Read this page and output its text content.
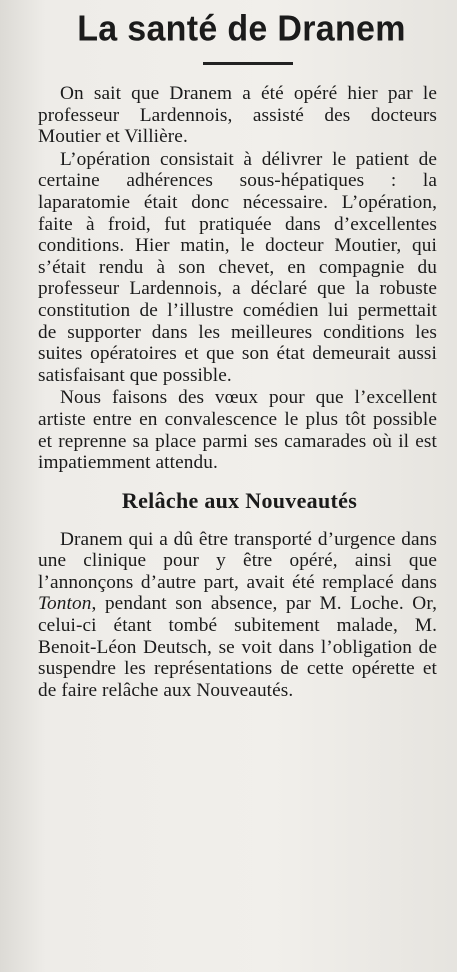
La santé de Dranem

On sait que Dranem a été opéré hier par le professeur Lardennois, assisté des docteurs Moutier et Villière.

L’opération consistait à délivrer le patient de certaine adhérences sous-hépatiques : la laparatomie était donc nécessaire. L’opération, faite à froid, fut pratiquée dans d’excellentes conditions. Hier matin, le docteur Moutier, qui s’était rendu à son chevet, en compagnie du professeur Lardennois, a déclaré que la robuste constitution de l’illustre comédien lui permettait de supporter dans les meilleures conditions les suites opératoires et que son état demeurait aussi satisfaisant que possible.

Nous faisons des vœux pour que l’excellent artiste entre en convalescence le plus tôt possible et reprenne sa place parmi ses camarades où il est impatiemment attendu.

Relâche aux Nouveautés

Dranem qui a dû être transporté d’urgence dans une clinique pour y être opéré, ainsi que l’annonçons d’autre part, avait été remplacé dans Tonton, pendant son absence, par M. Loche. Or, celui-ci étant tombé subitement malade, M. Benoit-Léon Deutsch, se voit dans l’obligation de suspendre les représentations de cette opérette et de faire relâche aux Nouveautés.
